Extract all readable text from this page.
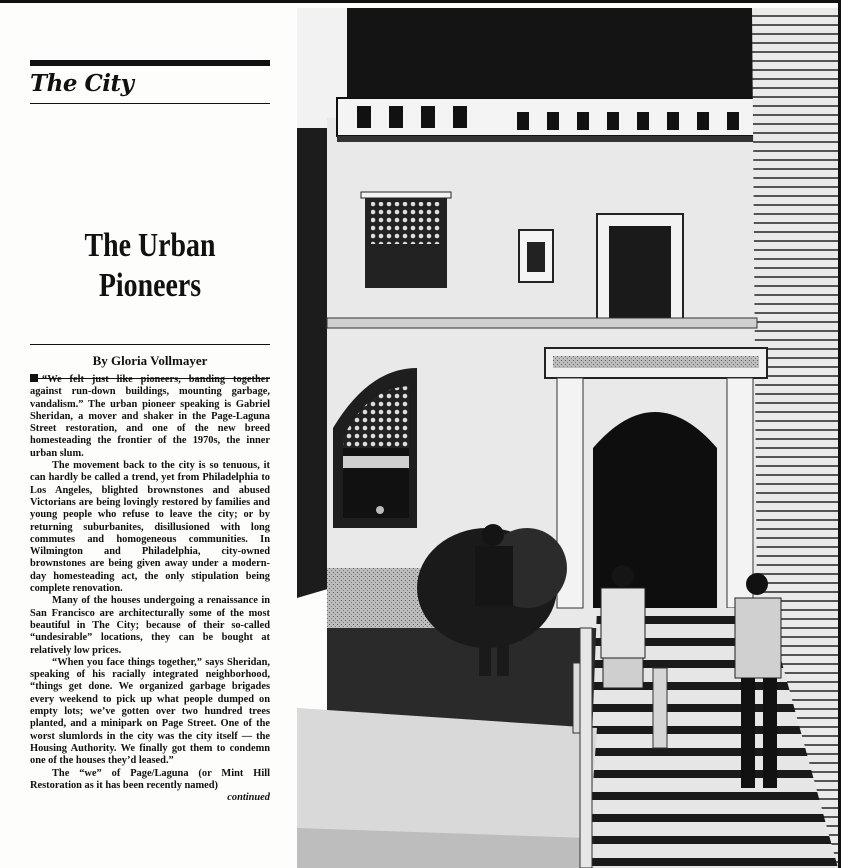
The City
The Urban
Pioneers
By Gloria Vollmayer

“We felt just like pioneers, banding together against run-down buildings, mounting garbage, vandalism.” The urban pioneer speaking is Gabriel Sheridan, a mover and shaker in the Page-Laguna Street restoration, and one of the new breed homesteading the frontier of the 1970s, the inner urban slum.

The movement back to the city is so tenuous, it can hardly be called a trend, yet from Philadelphia to Los Angeles, blighted brownstones and abused Victorians are being lovingly restored by families and young people who refuse to leave the city; or by returning suburbanites, disillusioned with long commutes and homogeneous communities. In Wilmington and Philadelphia, city-owned brownstones are being given away under a modern-day homesteading act, the only stipulation being complete renovation.

Many of the houses undergoing a renaissance in San Francisco are architecturally some of the most beautiful in The City; because of their so-called “undesirable” locations, they can be bought at relatively low prices.

“When you face things together,” says Sheridan, speaking of his racially integrated neighborhood, “things get done. We organized garbage brigades every weekend to pick up what people dumped on empty lots; we’ve gotten over two hundred trees planted, and a minipark on Page Street. One of the worst slumlords in the city was the city itself — the Housing Authority. We finally got them to condemn one of the houses they’d leased.”

The “we” of Page/Laguna (or Mint Hill Restoration as it has been recently named)

continued
